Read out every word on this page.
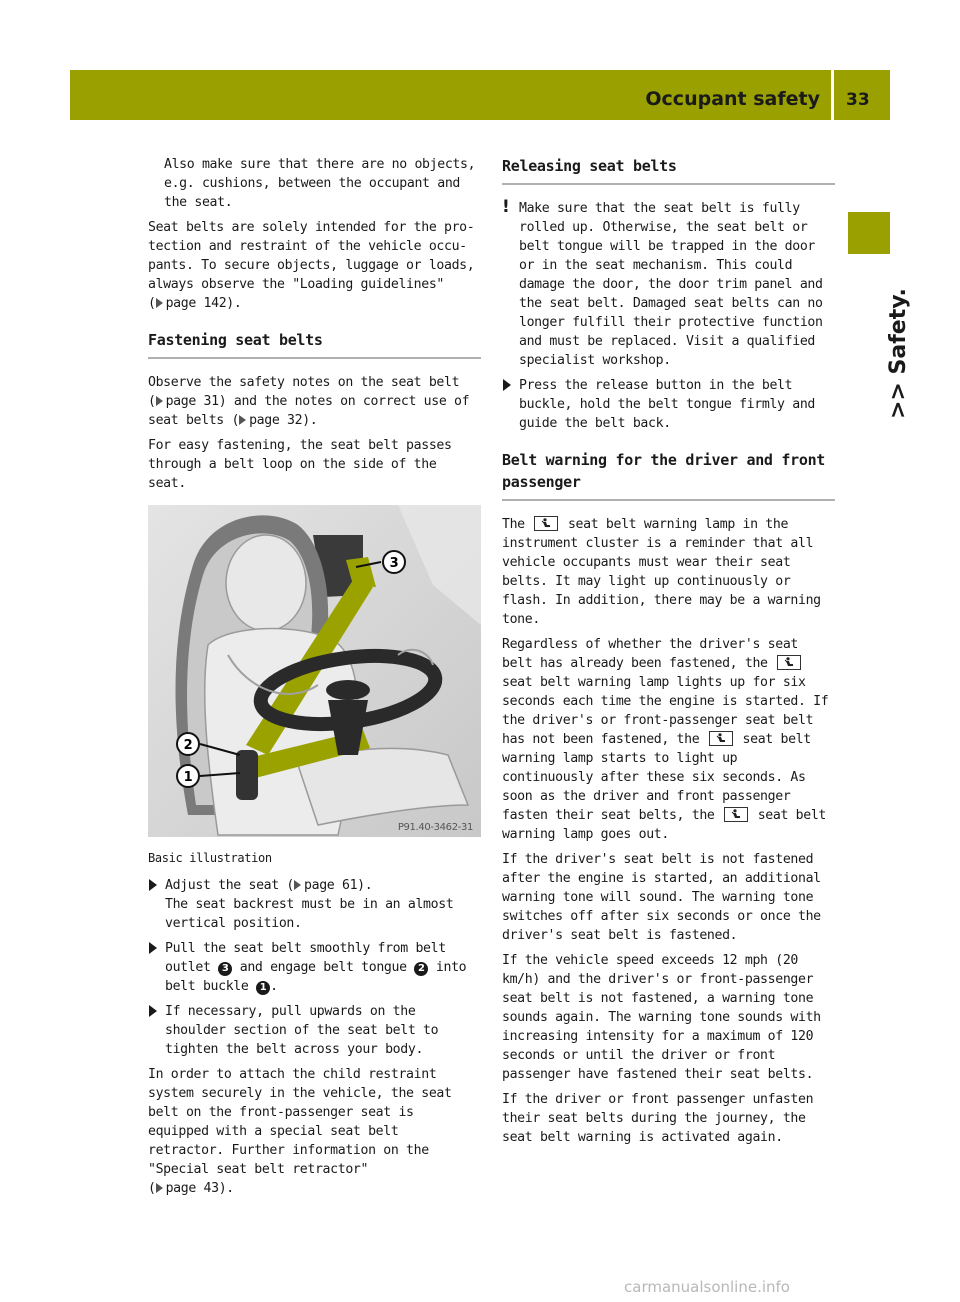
Occupant safety 33
>> Safety.

Also make sure that there are no objects, e.g. cushions, between the occupant and the seat.

Seat belts are solely intended for the protection and restraint of the vehicle occupants. To secure objects, luggage or loads, always observe the "Loading guidelines"
( page 142).

Fastening seat belts

Observe the safety notes on the seat belt
( page 31) and the notes on correct use of seat belts ( page 32).

For easy fastening, the seat belt passes through a belt loop on the side of the seat.

3
2
1
P91.40-3462-31
Basic illustration
Adjust the seat ( page 61).
The seat backrest must be in an almost vertical position.
Pull the seat belt smoothly from belt outlet 3 and engage belt tongue 2 into belt buckle 1 .
If necessary, pull upwards on the shoulder section of the seat belt to tighten the belt across your body.

In order to attach the child restraint system securely in the vehicle, the seat belt on the front-passenger seat is equipped with a special seat belt retractor. Further information on the "Special seat belt retractor"
( page 43).

Releasing seat belts
! Make sure that the seat belt is fully rolled up. Otherwise, the seat belt or belt tongue will be trapped in the door or in the seat mechanism. This could damage the door, the door trim panel and the seat belt. Damaged seat belts can no longer fulfill their protective function and must be replaced. Visit a qualified specialist workshop.
Press the release button in the belt buckle, hold the belt tongue firmly and guide the belt back.
Belt warning for the driver and front passenger

The	seat belt warning lamp in the instrument cluster is a reminder that all vehicle occupants must wear their seat belts. It may light up continuously or flash. In addition, there may be a warning tone.

Regardless of whether the driver's seat belt has already been fastened, the
seat belt warning lamp lights up for six seconds each time the engine is started. If the driver's or front-passenger seat belt has not been fastened, the	seat belt warning lamp starts to light up continuously after these six seconds. As soon as the driver and front passenger fasten their seat belts, the	seat belt warning lamp goes out.

If the driver's seat belt is not fastened after the engine is started, an additional warning tone will sound. The warning tone switches off after six seconds or once the driver's seat belt is fastened.

If the vehicle speed exceeds 12 mph (20 km/h) and the driver's or front-passenger seat belt is not fastened, a warning tone sounds again. The warning tone sounds with increasing intensity for a maximum of 120 seconds or until the driver or front passenger have fastened their seat belts.

If the driver or front passenger unfasten their seat belts during the journey, the seat belt warning is activated again.

carmanualsonline.info
